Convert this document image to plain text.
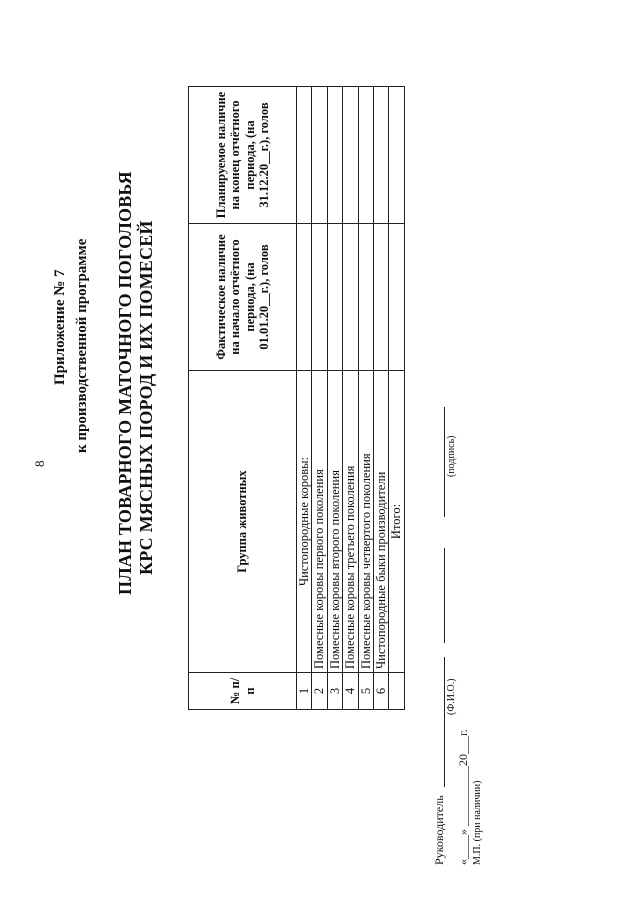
8
Приложение № 7 к производственной программе ПЛАН ТОВАРНОГО МАТОЧНОГО ПОГОЛОВЬЯ КРС МЯСНЫХ ПОРОД И ИХ ПОМЕСЕЙ
№ п/п	Группа животных	Фактическое наличие на начало отчётного периода, (на 01.01.20__г.), голов	Планируемое наличие на конец отчётного периода, (на 31.12.20__г.), голов
1	Чистопородные коровы:		
2	Помесные коровы первого поколения		
3	Помесные коровы второго поколения		
4	Помесные коровы третьего поколения		
5	Помесные коровы четвертого поколения		
6	Чистопородные быки производители		
	Итого:		
Руководитель
(Ф.И.О.)
(подпись)
«____» __________20___г. М.П. (при наличии)
